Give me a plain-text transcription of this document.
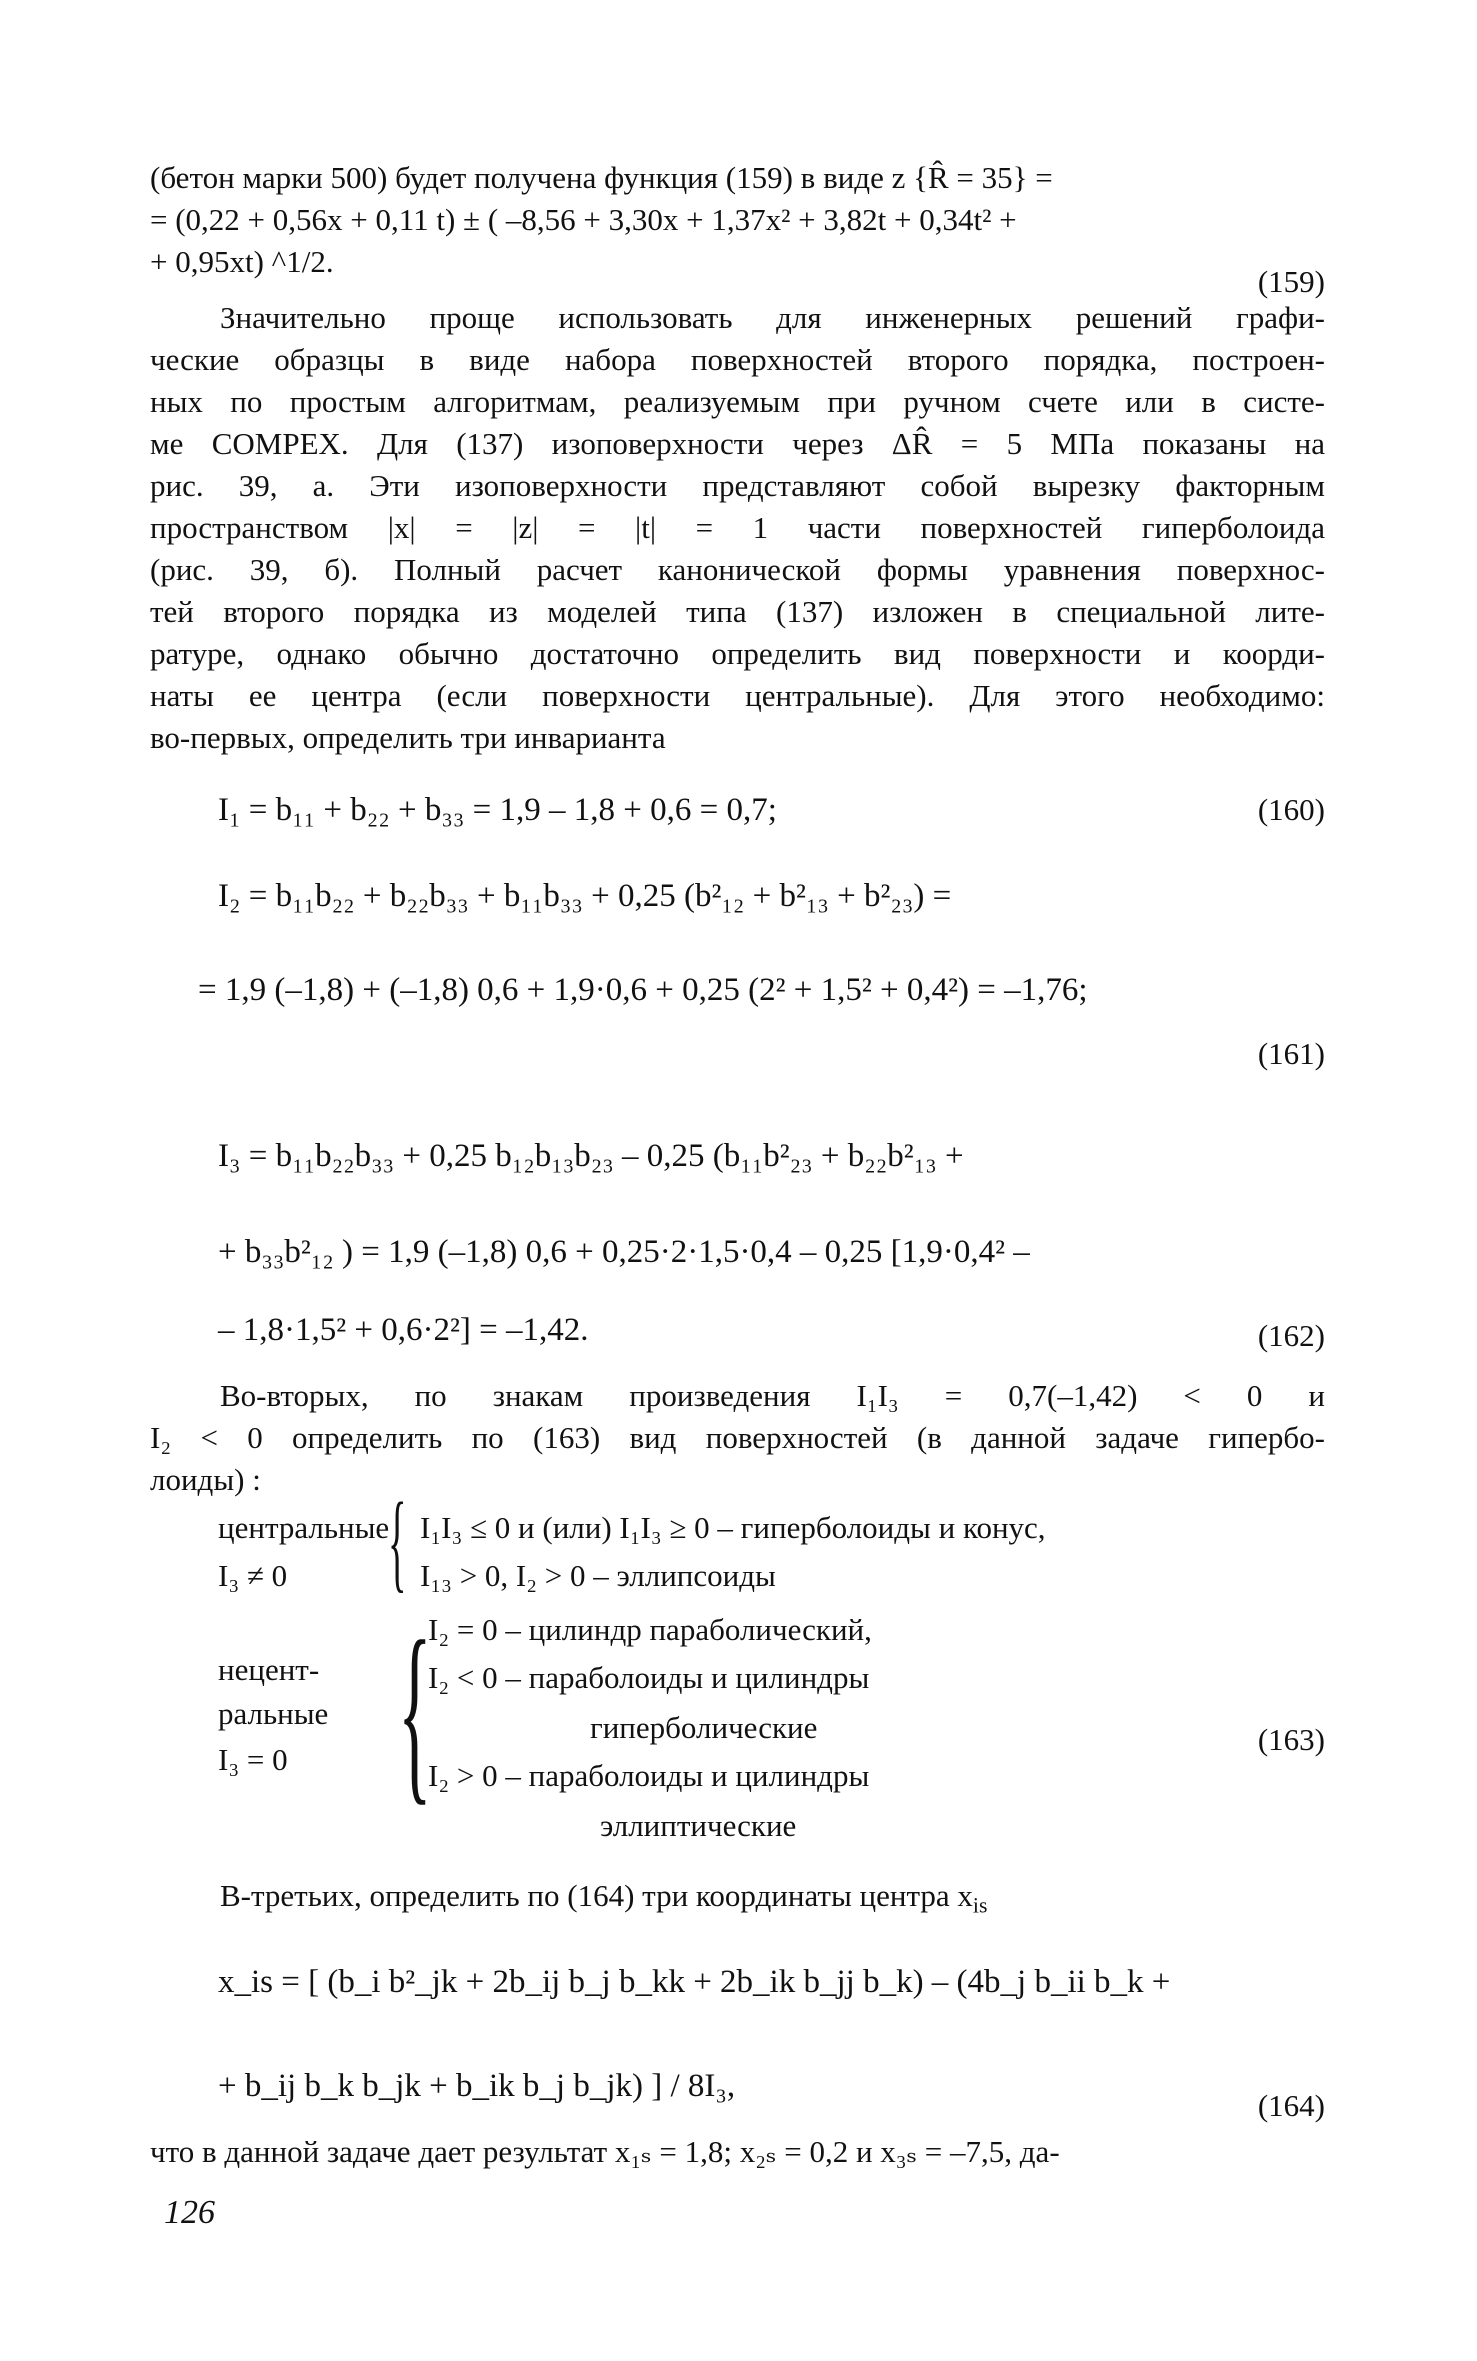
(бетон марки 500) будет получена функция (159) в виде z {R̂ = 35} =
= (0,22 + 0,56x + 0,11 t) ± ( –8,56 + 3,30x + 1,37x² + 3,82t + 0,34t² +
+ 0,95xt) ^1/2.
(159)
Значительно проще использовать для инженерных решений графи-
ческие образцы в виде набора поверхностей второго порядка, построен-
ных по простым алгоритмам, реализуемым при ручном счете или в систе-
ме COMPEX. Для (137) изоповерхности через ΔR̂ = 5 МПа показаны на
рис. 39, а. Эти изоповерхности представляют собой вырезку факторным
пространством |x| = |z| = |t| = 1 части поверхностей гиперболоида
(рис. 39, б). Полный расчет канонической формы уравнения поверхнос-
тей второго порядка из моделей типа (137) изложен в специальной лите-
ратуре, однако обычно достаточно определить вид поверхности и коорди-
наты ее центра (если поверхности центральные). Для этого необходимо:
во-первых, определить три инварианта
I₁ = b₁₁ + b₂₂ + b₃₃ = 1,9 – 1,8 + 0,6 = 0,7;	(160)
I₂ = b₁₁b₂₂ + b₂₂b₃₃ + b₁₁b₃₃ + 0,25 (b²₁₂ + b²₁₃ + b²₂₃) =
= 1,9 (–1,8) + (–1,8) 0,6 + 1,9·0,6 + 0,25 (2² + 1,5² + 0,4²) = –1,76;
(161)
I₃ = b₁₁b₂₂b₃₃ + 0,25 b₁₂b₁₃b₂₃ – 0,25 (b₁₁b²₂₃ + b₂₂b²₁₃ +
+ b₃₃b²₁₂ ) = 1,9 (–1,8) 0,6 + 0,25·2·1,5·0,4 – 0,25 [1,9·0,4² –
– 1,8·1,5² + 0,6·2²] = –1,42.	(162)
Во-вторых, по знакам произведения I₁I₃ = 0,7(–1,42) < 0 и
I₂ < 0 определить по (163) вид поверхностей (в данной задаче гипербо-
лоиды) :
центральные
I₃ ≠ 0 { I₁I₃ ≤ 0 и (или) I₁I₃ ≥ 0 – гиперболоиды и конус,
I₁₃ > 0, I₂ > 0 – эллипсоиды
нецент-
ральные
I₃ = 0 {
I₂ = 0 – цилиндр параболический,
I₂ < 0 – параболоиды и цилиндры
гиперболические
I₂ > 0 – параболоиды и цилиндры
эллиптические
(163)
В-третьих, определить по (164) три координаты центра $x_{is}$
x_is = [ (b_i b²_jk + 2b_ij b_j b_kk + 2b_ik b_jj b_k) – (4b_j b_ii b_k +
+ b_ij b_k b_jk + b_ik b_j b_jk) ] / 8I₃,
(164)
что в данной задаче дает результат x₁ₛ = 1,8; x₂ₛ = 0,2 и x₃ₛ = –7,5, да-
126
